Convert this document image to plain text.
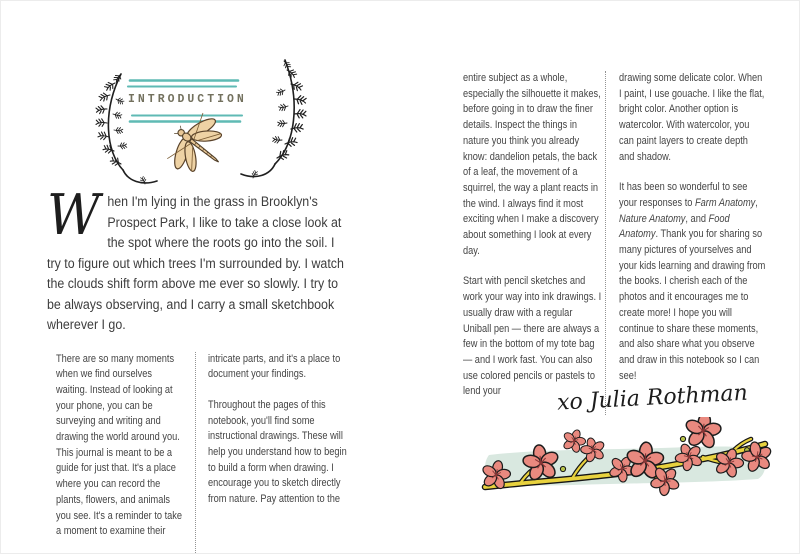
INTRODUCTION
When I'm lying in the grass in Brooklyn's Prospect Park, I like to take a close look at the spot where the roots go into the soil. I try to figure out which trees I'm surrounded by. I watch the clouds shift form above me ever so slowly. I try to be always observing, and I carry a small sketchbook wherever I go.

There are so many moments when we find ourselves waiting. Instead of looking at your phone, you can be surveying and writing and drawing the world around you. This journal is meant to be a guide for just that. It's a place where you can record the plants, flowers, and animals you see. It's a reminder to take a moment to examine their

intricate parts, and it's a place to document your findings.

Throughout the pages of this notebook, you'll find some instructional drawings. These will help you understand how to begin to build a form when drawing. I encourage you to sketch directly from nature. Pay attention to the

entire subject as a whole, especially the silhouette it makes, before going in to draw the finer details. Inspect the things in nature you think you already know: dandelion petals, the back of a leaf, the movement of a squirrel, the way a plant reacts in the wind. I always find it most exciting when I make a discovery about something I look at every day.

Start with pencil sketches and work your way into ink drawings. I usually draw with a regular Uniball pen — there are always a few in the bottom of my tote bag — and I work fast. You can also use colored pencils or pastels to lend your

drawing some delicate color. When I paint, I use gouache. I like the flat, bright color. Another option is watercolor. With watercolor, you can paint layers to create depth and shadow.

It has been so wonderful to see your responses to Farm Anatomy, Nature Anatomy, and Food Anatomy. Thank you for sharing so many pictures of yourselves and your kids learning and drawing from the books. I cherish each of the photos and it encourages me to create more! I hope you will continue to share these moments, and also share what you observe and draw in this notebook so I can see!

xo Julia Rothman
